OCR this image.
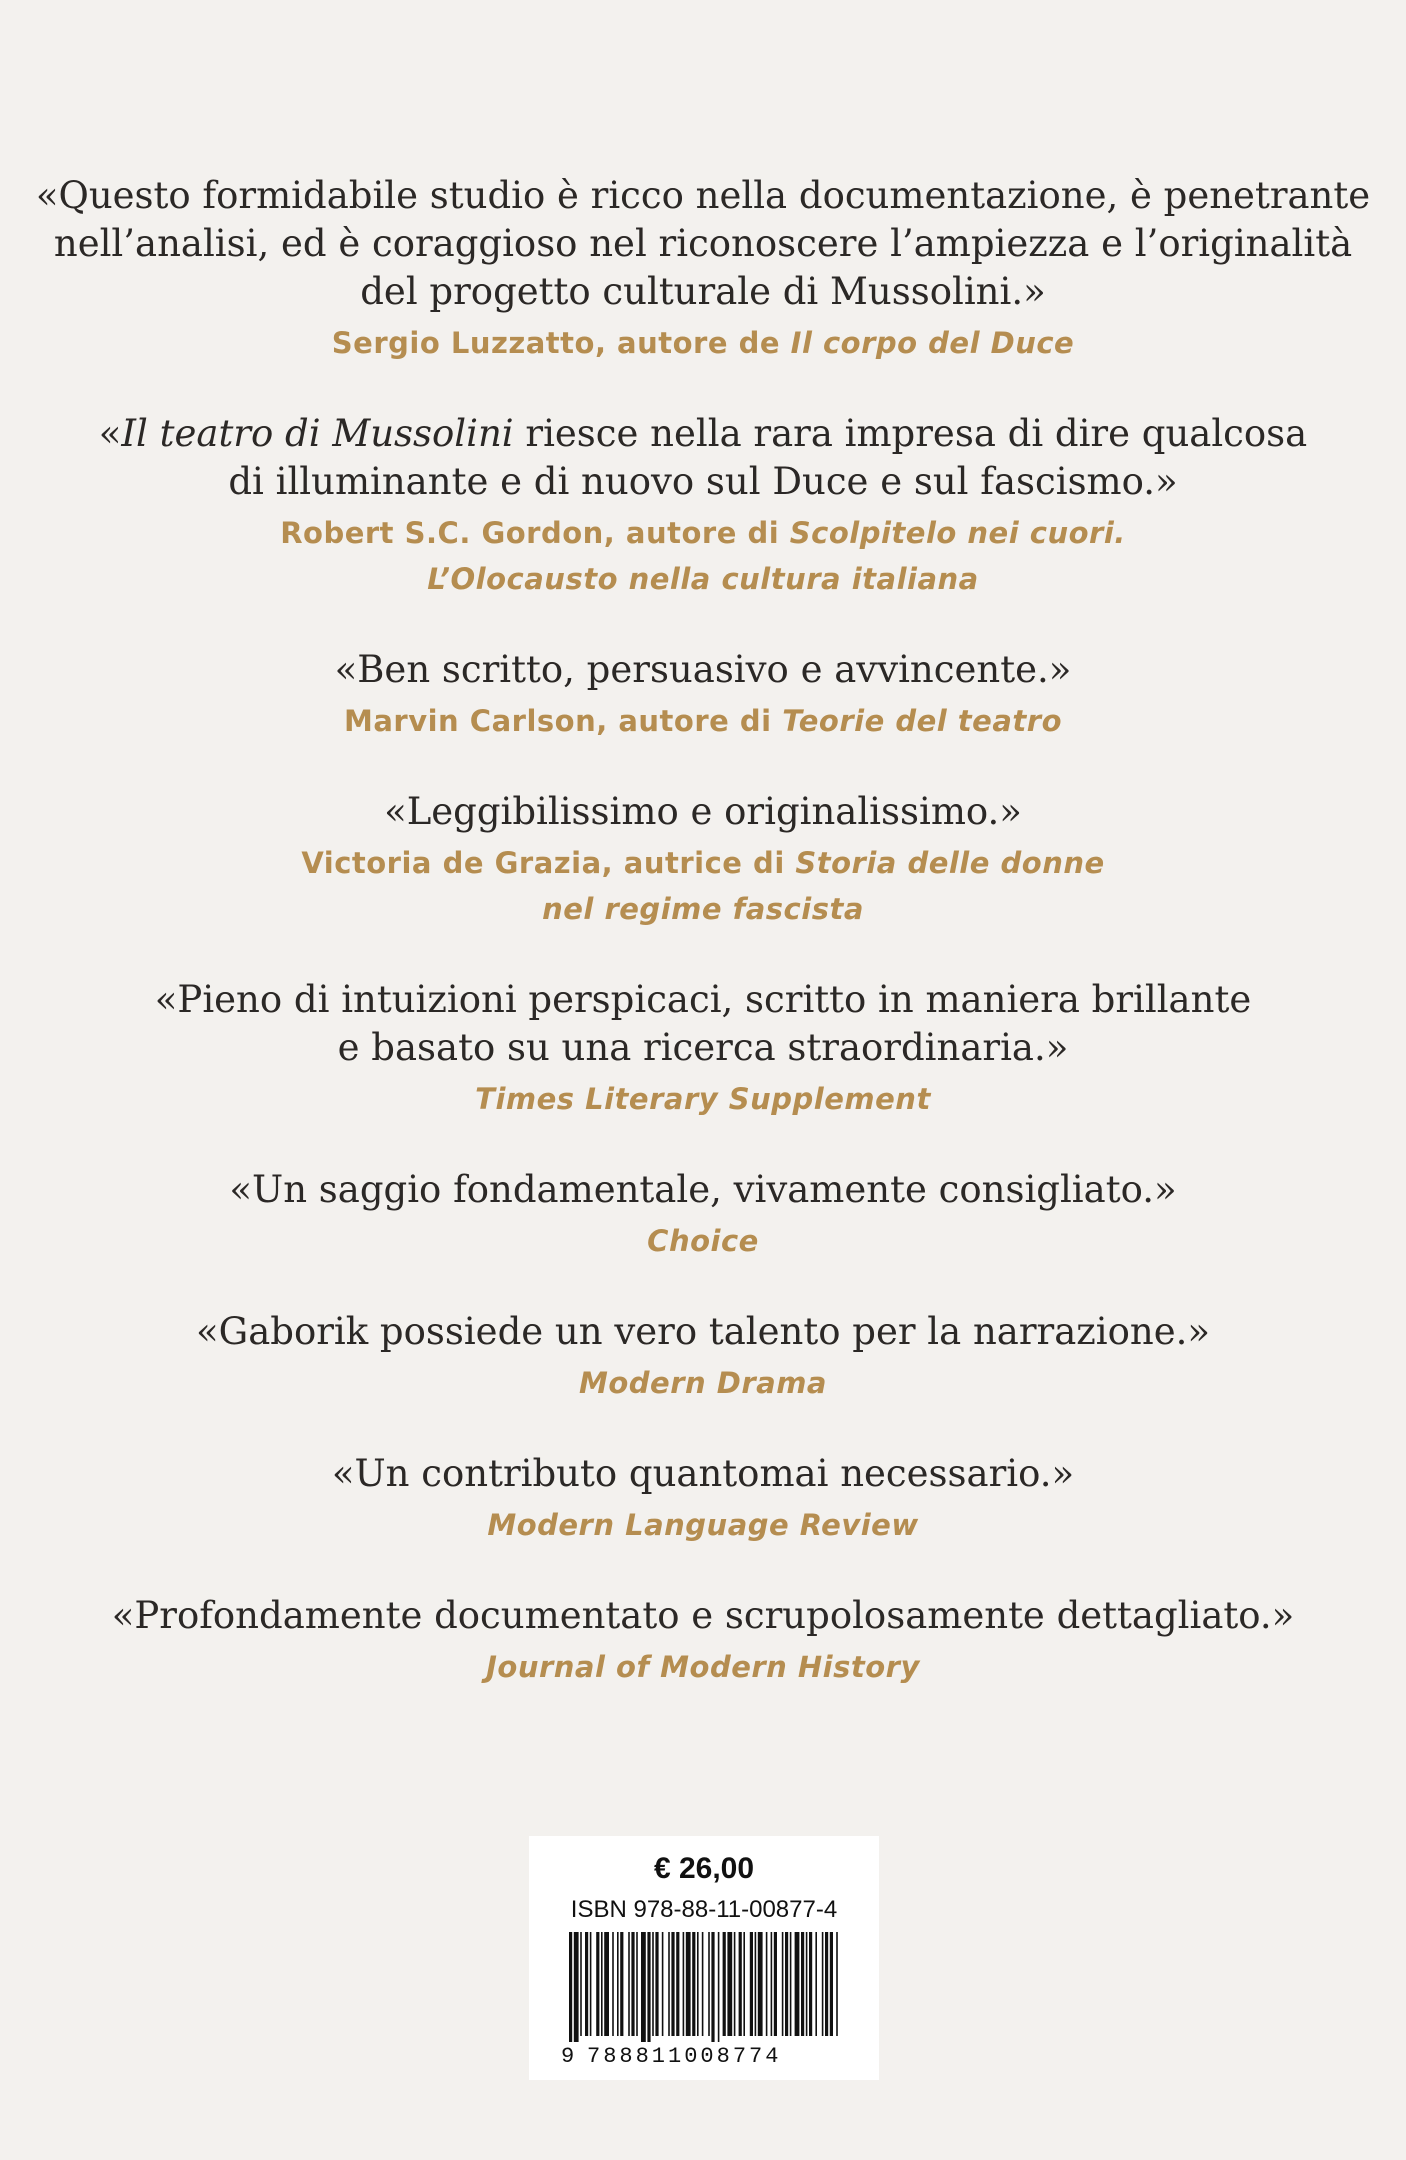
«Questo formidabile studio è ricco nella documentazione, è penetrante
nell’analisi, ed è coraggioso nel riconoscere l’ampiezza e l’originalità
del progetto culturale di Mussolini.»

Sergio Luzzatto, autore de Il corpo del Duce

«Il teatro di Mussolini riesce nella rara impresa di dire qualcosa
di illuminante e di nuovo sul Duce e sul fascismo.»

Robert S.C. Gordon, autore di Scolpitelo nei cuori.
L’Olocausto nella cultura italiana

«Ben scritto, persuasivo e avvincente.»

Marvin Carlson, autore di Teorie del teatro

«Leggibilissimo e originalissimo.»

Victoria de Grazia, autrice di Storia delle donne
nel regime fascista

«Pieno di intuizioni perspicaci, scritto in maniera brillante
e basato su una ricerca straordinaria.»

Times Literary Supplement

«Un saggio fondamentale, vivamente consigliato.»

Choice

«Gaborik possiede un vero talento per la narrazione.»

Modern Drama

«Un contributo quantomai necessario.»

Modern Language Review

«Profondamente documentato e scrupolosamente dettagliato.»

Journal of Modern History

€ 26,00
ISBN 978-88-11-00877-4
9 788811008774
